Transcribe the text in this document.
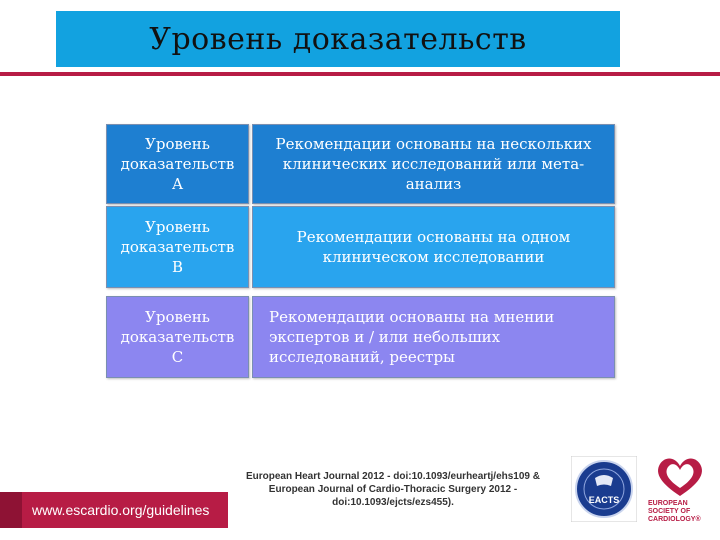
Уровень доказательств
Уровень доказательств А
Рекомендации основаны на нескольких клинических исследований или мета-анализ
Уровень доказательств В
Рекомендации основаны на одном клиническом исследовании
Уровень доказательств С
Рекомендации основаны на мнении экспертов и / или небольших исследований, реестры
www.escardio.org/guidelines
European Heart Journal 2012 - doi:10.1093/eurheartj/ehs109 &
European Journal of Cardio-Thoracic Surgery 2012 -
doi:10.1093/ejcts/ezs455).	EACTS	EUROPEAN SOCIETY OF CARDIOLOGY®
